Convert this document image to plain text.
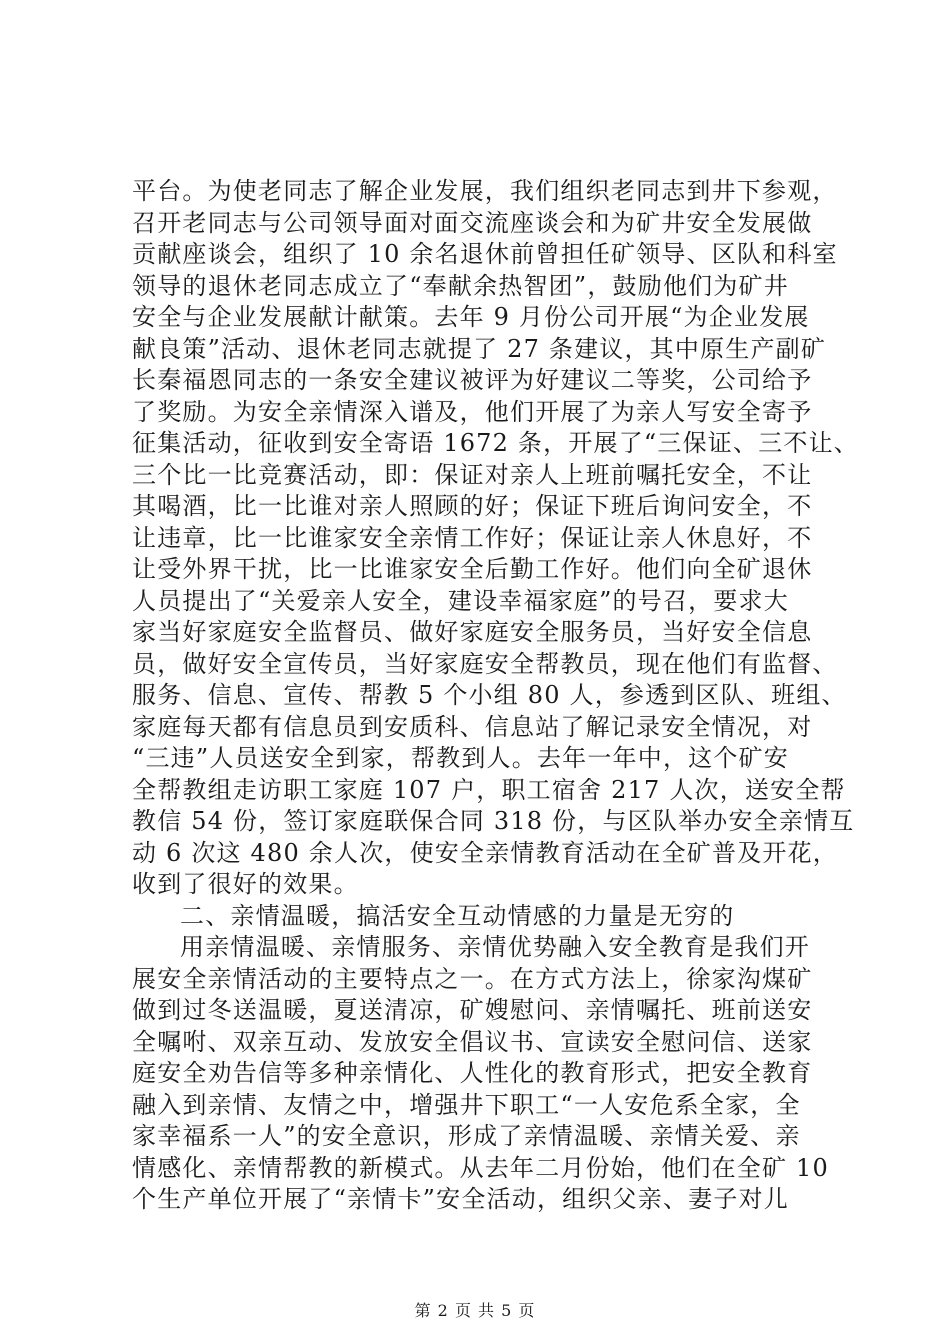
平台。为使老同志了解企业发展，我们组织老同志到井下参观，
召开老同志与公司领导面对面交流座谈会和为矿井安全发展做
贡献座谈会，组织了 10 余名退休前曾担任矿领导、区队和科室
领导的退休老同志成立了“奉献余热智团”，鼓励他们为矿井
安全与企业发展献计献策。去年 9 月份公司开展“为企业发展
献良策”活动、退休老同志就提了 27 条建议，其中原生产副矿
长秦福恩同志的一条安全建议被评为好建议二等奖，公司给予
了奖励。为安全亲情深入谱及，他们开展了为亲人写安全寄予
征集活动，征收到安全寄语 1672 条，开展了“三保证、三不让、
三个比一比竞赛活动，即：保证对亲人上班前嘱托安全，不让
其喝酒，比一比谁对亲人照顾的好；保证下班后询问安全，不
让违章，比一比谁家安全亲情工作好；保证让亲人休息好，不
让受外界干扰，比一比谁家安全后勤工作好。他们向全矿退休
人员提出了“关爱亲人安全，建设幸福家庭”的号召，要求大
家当好家庭安全监督员、做好家庭安全服务员，当好安全信息
员，做好安全宣传员，当好家庭安全帮教员，现在他们有监督、
服务、信息、宣传、帮教 5 个小组 80 人，参透到区队、班组、
家庭每天都有信息员到安质科、信息站了解记录安全情况，对
“三违”人员送安全到家，帮教到人。去年一年中，这个矿安
全帮教组走访职工家庭 107 户，职工宿舍 217 人次，送安全帮
教信 54 份，签订家庭联保合同 318 份，与区队举办安全亲情互
动 6 次这 480 余人次，使安全亲情教育活动在全矿普及开花，
收到了很好的效果。
二、亲情温暖，搞活安全互动情感的力量是无穷的
用亲情温暖、亲情服务、亲情优势融入安全教育是我们开
展安全亲情活动的主要特点之一。在方式方法上，徐家沟煤矿
做到过冬送温暖，夏送清凉，矿嫂慰问、亲情嘱托、班前送安
全嘱咐、双亲互动、发放安全倡议书、宣读安全慰问信、送家
庭安全劝告信等多种亲情化、人性化的教育形式，把安全教育
融入到亲情、友情之中，增强井下职工“一人安危系全家，全
家幸福系一人”的安全意识，形成了亲情温暖、亲情关爱、亲
情感化、亲情帮教的新模式。从去年二月份始，他们在全矿 10
个生产单位开展了“亲情卡”安全活动，组织父亲、妻子对儿
第 2 页 共 5 页
